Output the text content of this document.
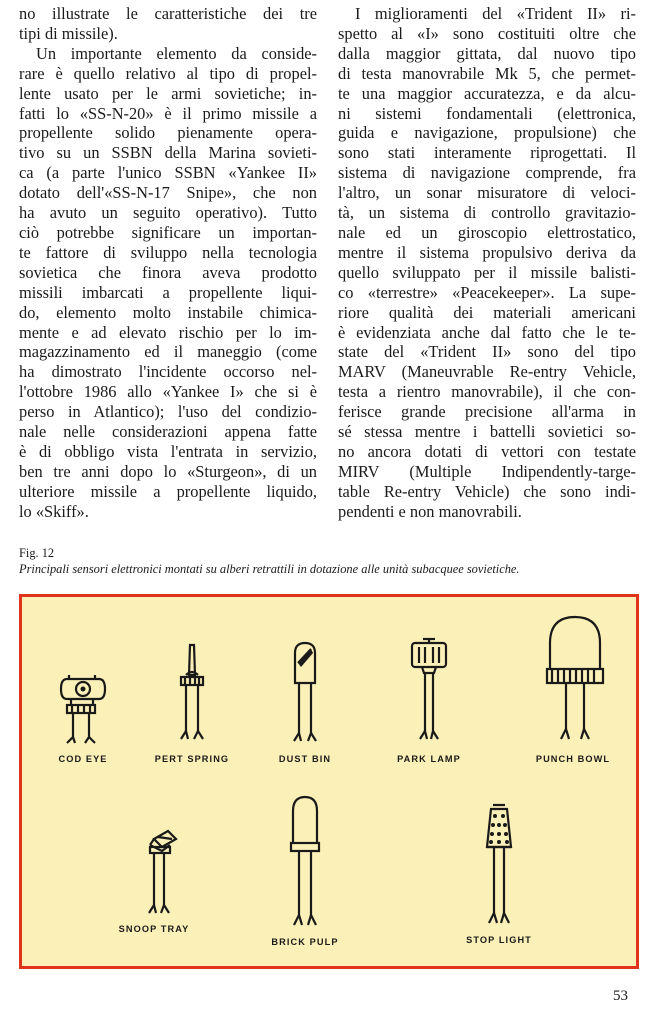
no illustrate le caratteristiche dei tre
tipi di missile).
Un importante elemento da conside-
rare è quello relativo al tipo di propel-
lente usato per le armi sovietiche; in-
fatti lo «SS-N-20» è il primo missile a
propellente solido pienamente opera-
tivo su un SSBN della Marina sovieti-
ca (a parte l'unico SSBN «Yankee II»
dotato dell'«SS-N-17 Snipe», che non
ha avuto un seguito operativo). Tutto
ciò potrebbe significare un importan-
te fattore di sviluppo nella tecnologia
sovietica che finora aveva prodotto
missili imbarcati a propellente liqui-
do, elemento molto instabile chimica-
mente e ad elevato rischio per lo im-
magazzinamento ed il maneggio (come
ha dimostrato l'incidente occorso nel-
l'ottobre 1986 allo «Yankee I» che si è
perso in Atlantico); l'uso del condizio-
nale nelle considerazioni appena fatte
è di obbligo vista l'entrata in servizio,
ben tre anni dopo lo «Sturgeon», di un
ulteriore missile a propellente liquido,
lo «Skiff».
I miglioramenti del «Trident II» ri-
spetto al «I» sono costituiti oltre che
dalla maggior gittata, dal nuovo tipo
di testa manovrabile Mk 5, che permet-
te una maggior accuratezza, e da alcu-
ni sistemi fondamentali (elettronica,
guida e navigazione, propulsione) che
sono stati interamente riprogettati. Il
sistema di navigazione comprende, fra
l'altro, un sonar misuratore di veloci-
tà, un sistema di controllo gravitazio-
nale ed un giroscopio elettrostatico,
mentre il sistema propulsivo deriva da
quello sviluppato per il missile balisti-
co «terrestre» «Peacekeeper». La supe-
riore qualità dei materiali americani
è evidenziata anche dal fatto che le te-
state del «Trident II» sono del tipo
MARV (Maneuvrable Re-entry Vehicle,
testa a rientro manovrabile), il che con-
ferisce grande precisione all'arma in
sé stessa mentre i battelli sovietici so-
no ancora dotati di vettori con testate
MIRV (Multiple Indipendently-targe-
table Re-entry Vehicle) che sono indi-
pendenti e non manovrabili.
Fig. 12
Principali sensori elettronici montati su alberi retrattili in dotazione alle unità subacquee sovietiche.
COD EYE	PERT SPRING	DUST BIN	PARK LAMP	PUNCH BOWL
SNOOP TRAY
BRICK PULP	STOP LIGHT
53
